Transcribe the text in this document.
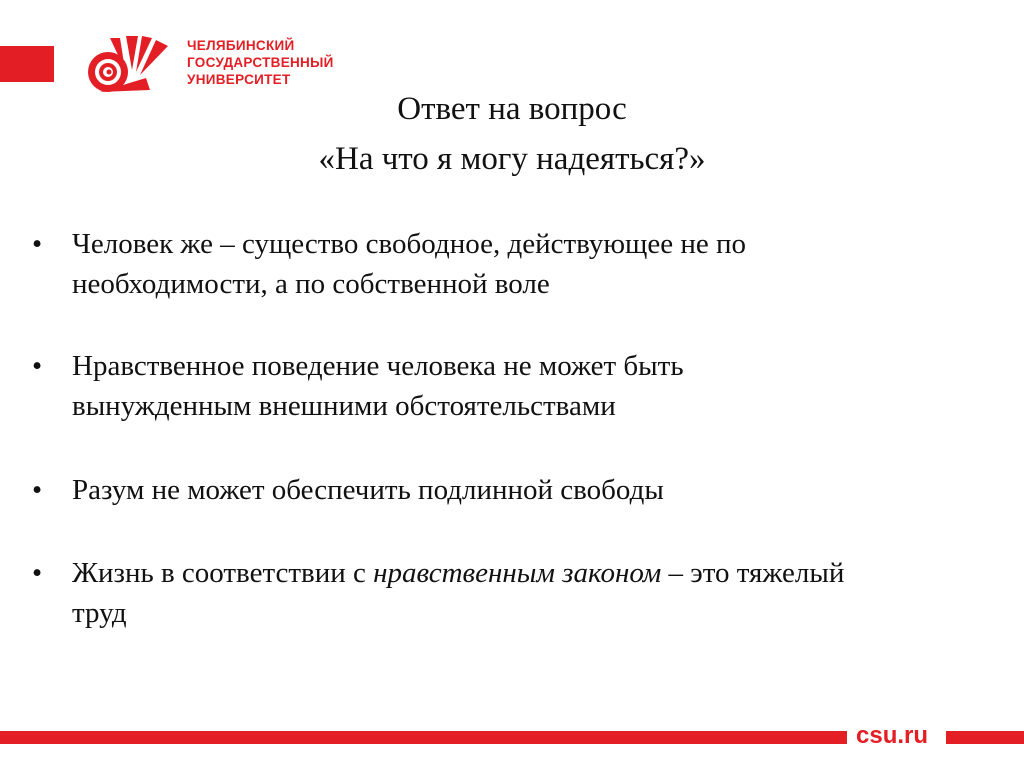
ЧЕЛЯБИНСКИЙ
ГОСУДАРСТВЕННЫЙ
УНИВЕРСИТЕТ
Ответ на вопрос
«На что я могу надеяться?»
• Человек же – существо свободное, действующее не по
необходимости, а по собственной воле
• Нравственное поведение человека не может быть
вынужденным внешними обстоятельствами
• Разум не может обеспечить подлинной свободы
• Жизнь в соответствии с нравственным законом – это тяжелый
труд
csu.ru
